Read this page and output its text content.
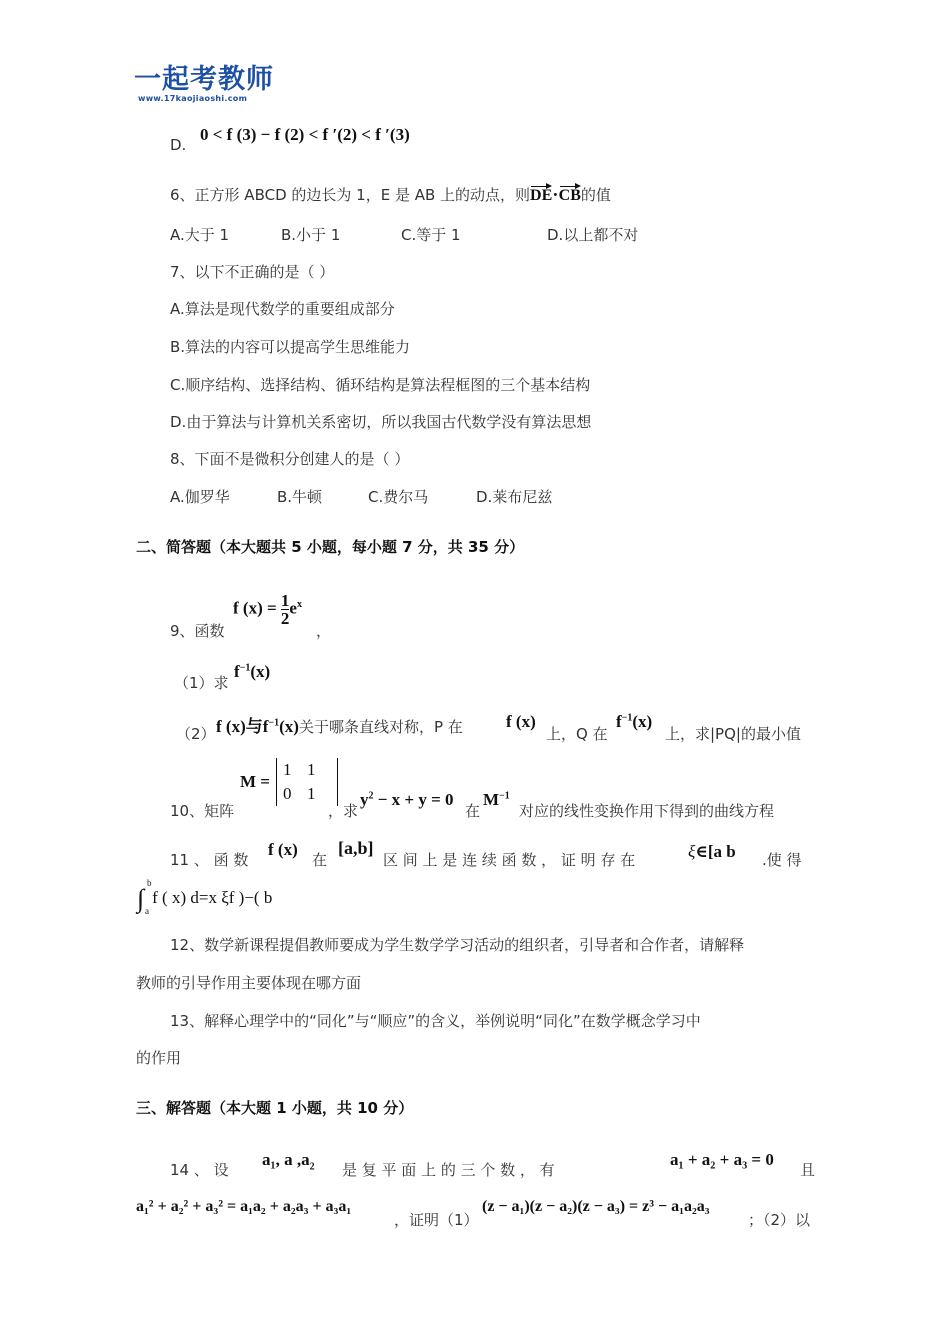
一起考教师
www.17kaojiaoshi.com
D.
0 < f (3) − f (2) < f ′(2) < f ′(3)
6、正方形 ABCD 的边长为 1，E 是 AB 上的动点，则DE⋅CB的值
A.大于 1	B.小于 1	C.等于 1	D.以上都不对
7、以下不正确的是（ ）
A.算法是现代数学的重要组成部分
B.算法的内容可以提高学生思维能力
C.顺序结构、选择结构、循环结构是算法程框图的三个基本结构
D.由于算法与计算机关系密切，所以我国古代数学没有算法思想
8、下面不是微积分创建人的是（ ）
A.伽罗华	B.牛顿	C.费尔马	D.莱布尼兹
二、简答题（本大题共 5 小题，每小题 7 分，共 35 分）
9、函数
f $(x) = \frac{1}{2} e^x$
，
（1）求
$f^{-1}(x)$
（2） f (x)与$f^{-1}(x)$关于哪条直线对称，P 在	f (x)
上，Q 在
$f^{-1}(x)$
上，求|PQ|的最小值
10、矩阵
M =
1 1
0 1
，求
$y^2 - x + y = 0$
在
$M^{-1}$
对应的线性变换作用下得到的曲线方程
11 、 函 数
f (x)
在
[a,b]
区 间 上 是 连 续 函 数 ， 证 明 存 在	ξ∈[a b .使 得
∫
b
a
f ( x) d=x ξf )−( b
12、数学新课程提倡教师要成为学生数学学习活动的组织者，引导者和合作者，请解释
教师的引导作用主要体现在哪方面
13、解释心理学中的“同化”与“顺应”的含义，举例说明“同化”在数学概念学习中
的作用
三、解答题（本大题 1 小题，共 10 分）
14 、 设
a₁, a $,a_2$ 是 复 平 面 上 的 三 个 数 ， 有
a₁ + a₂ + a₃ = 0
且
a₁² + a₂² + a₃² = a₁a₂ + a₂a₃ + a₃a₁
，证明（1）
(z − a₁)(z − a₂)(z − a₃) = z³ − a₁a₂a₃
；（2）以
